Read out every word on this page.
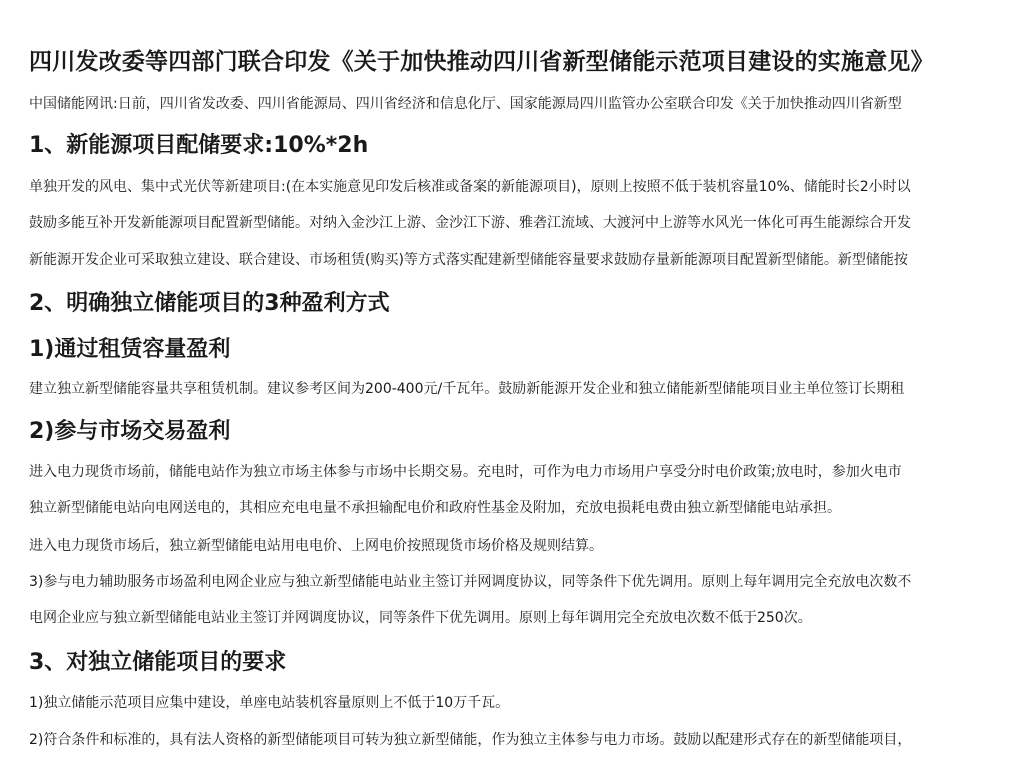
四川发改委等四部门联合印发《关于加快推动四川省新型储能示范项目建设的实施意见》
中国储能网讯:日前，四川省发改委、四川省能源局、四川省经济和信息化厅、国家能源局四川监管办公室联合印发《关于加快推动四川省新型
1、新能源项目配储要求:10%*2h
单独开发的风电、集中式光伏等新建项目:(在本实施意见印发后核准或备案的新能源项目)，原则上按照不低于装机容量10%、储能时长2小时以
鼓励多能互补开发新能源项目配置新型储能。对纳入金沙江上游、金沙江下游、雅砻江流域、大渡河中上游等水风光一体化可再生能源综合开发
新能源开发企业可采取独立建设、联合建设、市场租赁(购买)等方式落实配建新型储能容量要求鼓励存量新能源项目配置新型储能。新型储能按
2、明确独立储能项目的3种盈利方式
1)通过租赁容量盈利
建立独立新型储能容量共享租赁机制。建议参考区间为200-400元/千瓦年。鼓励新能源开发企业和独立储能新型储能项目业主单位签订长期租
2)参与市场交易盈利
进入电力现货市场前，储能电站作为独立市场主体参与市场中长期交易。充电时，可作为电力市场用户享受分时电价政策;放电时，参加火电市
独立新型储能电站向电网送电的，其相应充电电量不承担输配电价和政府性基金及附加，充放电损耗电费由独立新型储能电站承担。
进入电力现货市场后，独立新型储能电站用电电价、上网电价按照现货市场价格及规则结算。
3)参与电力辅助服务市场盈利电网企业应与独立新型储能电站业主签订并网调度协议，同等条件下优先调用。原则上每年调用完全充放电次数不
电网企业应与独立新型储能电站业主签订并网调度协议，同等条件下优先调用。原则上每年调用完全充放电次数不低于250次。
3、对独立储能项目的要求
1)独立储能示范项目应集中建设，单座电站装机容量原则上不低于10万千瓦。
2)符合条件和标准的，具有法人资格的新型储能项目可转为独立新型储能，作为独立主体参与电力市场。鼓励以配建形式存在的新型储能项目，
